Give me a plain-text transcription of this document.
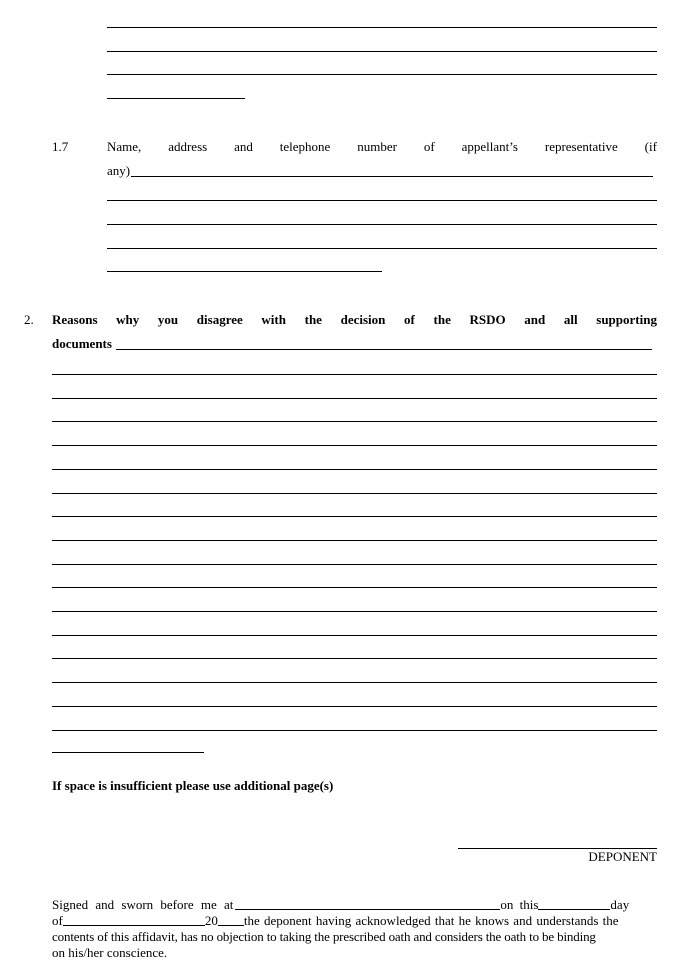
1.7	Name, address and telephone number of appellant’s representative (if
any)
2. Reasons why you disagree with the decision of the RSDO and all supporting
documents
If space is insufficient please use additional page(s)
DEPONENT
Signed and sworn before me at	on this	day
of	20 the deponent having acknowledged that he knows and understands the
contents of this affidavit, has no objection to taking the prescribed oath and considers the oath to be binding
on his/her conscience.
